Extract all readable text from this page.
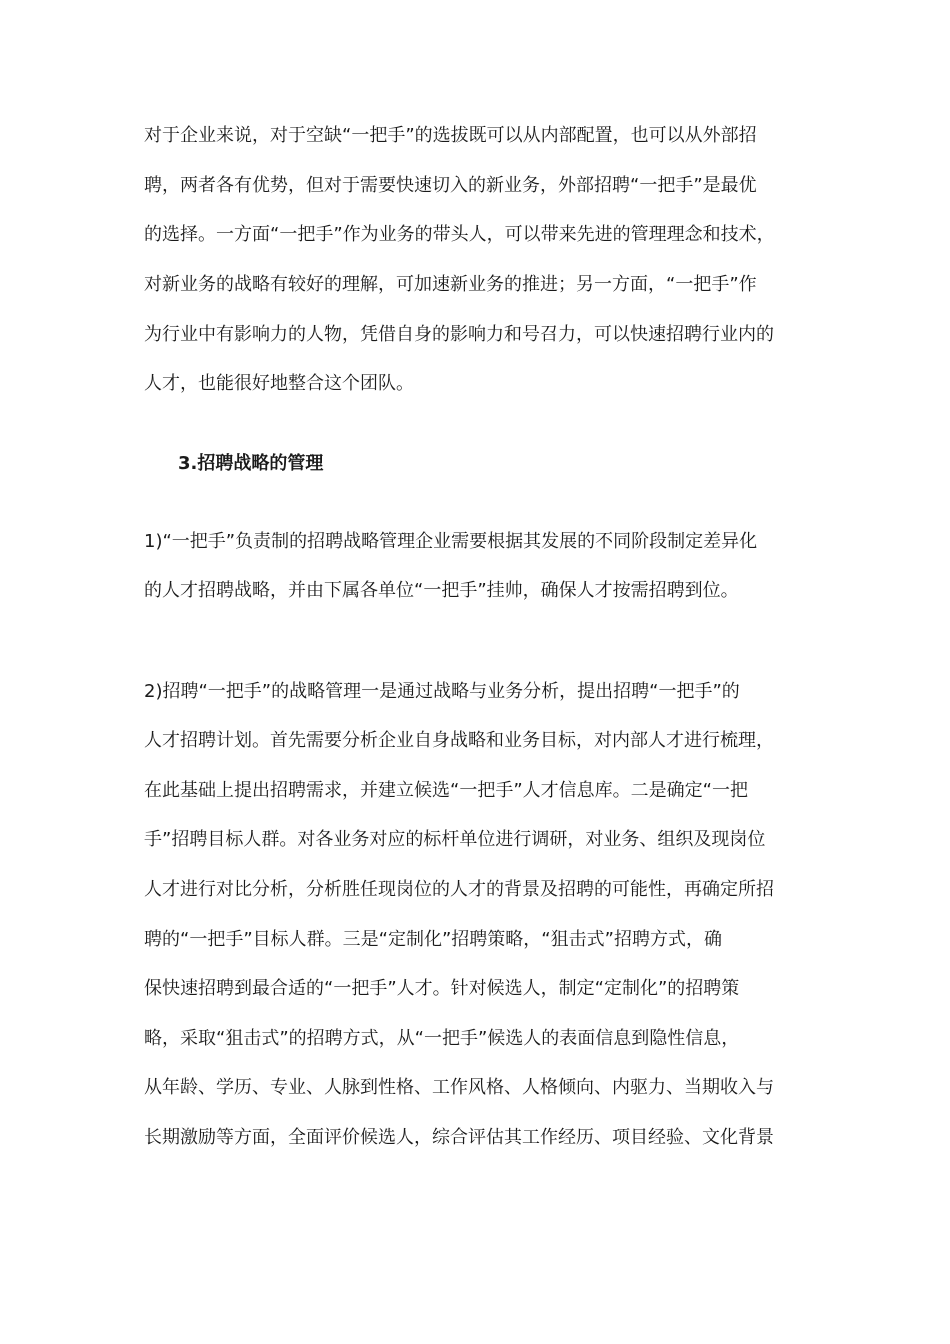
对于企业来说，对于空缺“一把手”的选拔既可以从内部配置，也可以从外部招
聘，两者各有优势，但对于需要快速切入的新业务，外部招聘“一把手”是最优
的选择。一方面“一把手”作为业务的带头人，可以带来先进的管理理念和技术，
对新业务的战略有较好的理解，可加速新业务的推进；另一方面，“一把手”作
为行业中有影响力的人物，凭借自身的影响力和号召力，可以快速招聘行业内的
人才，也能很好地整合这个团队。
3.招聘战略的管理
1)“一把手”负责制的招聘战略管理企业需要根据其发展的不同阶段制定差异化
的人才招聘战略，并由下属各单位“一把手”挂帅，确保人才按需招聘到位。
2)招聘“一把手”的战略管理一是通过战略与业务分析，提出招聘“一把手”的
人才招聘计划。首先需要分析企业自身战略和业务目标，对内部人才进行梳理，
在此基础上提出招聘需求，并建立候选“一把手”人才信息库。二是确定“一把
手”招聘目标人群。对各业务对应的标杆单位进行调研，对业务、组织及现岗位
人才进行对比分析，分析胜任现岗位的人才的背景及招聘的可能性，再确定所招
聘的“一把手”目标人群。三是“定制化”招聘策略，“狙击式”招聘方式，确
保快速招聘到最合适的“一把手”人才。针对候选人，制定“定制化”的招聘策
略，采取“狙击式”的招聘方式，从“一把手”候选人的表面信息到隐性信息，
从年龄、学历、专业、人脉到性格、工作风格、人格倾向、内驱力、当期收入与
长期激励等方面，全面评价候选人，综合评估其工作经历、项目经验、文化背景
